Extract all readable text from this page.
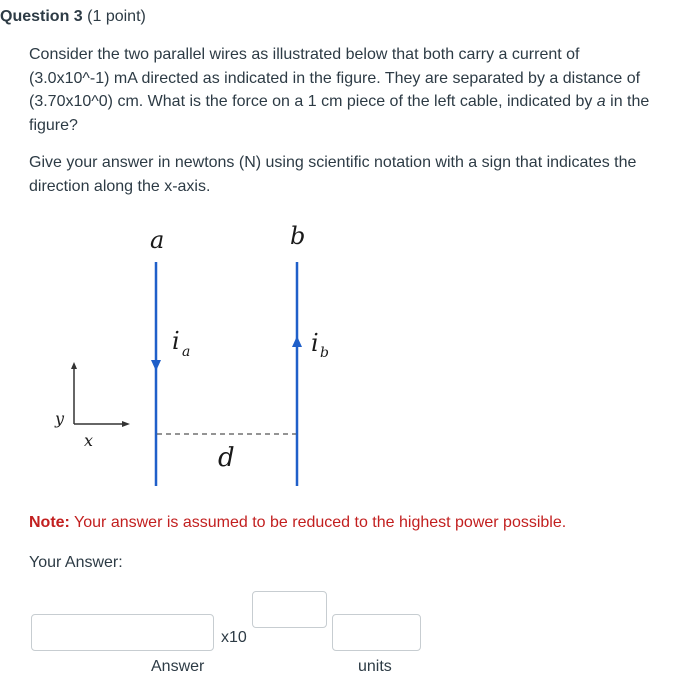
Question 3 (1 point)

Consider the two parallel wires as illustrated below that both carry a current of (3.0x10^-1) mA directed as indicated in the figure. They are separated by a distance of (3.70x10^0) cm. What is the force on a 1 cm piece of the left cable, indicated by a in the figure?

Give your answer in newtons (N) using scientific notation with a sign that indicates the direction along the x-axis.

a	b
i a	i b
d
y
x
Note: Your answer is assumed to be reduced to the highest power possible.
Your Answer:
x10
Answer	units
